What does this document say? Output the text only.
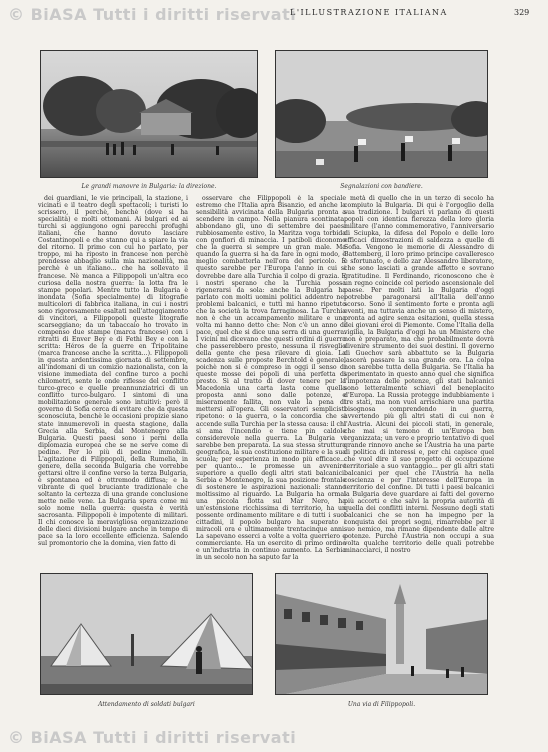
© BiASA Tutti i diritti riservati
© BiASA Tutti i diritti riservati
L'ILLUSTRAZIONE ITALIANA	329
Le grandi manovre in Bulgaria: la direzione.	Segnalazioni con bandiere.

dei guardiani, le vie principali, la stazione, i vicinati e il teatro degli spettacoli; i turisti lo scrissero, il perchè, benchè (dove si ha specialità) e molti ottomani. Ai bulgari ed ai turchi si aggiungono ogni parecchi profughi italiani, che hanno dovuto lasciare Costantinopoli e che stanno qui a spiare la via del ritorno. Il primo con cui ho parlato, per troppo, mi ha riposto in francese non perchè prendesse abbaglio sulla mia nazionalità, ma perchè è un italiano... che ha sollevato il francese. Nè manca a Filippopoli un'altra eco curiosa della nostra guerra: la lotta fra le stampe popolari. Mentre tutto la Bulgaria è inondata (Sofia specialmente) di litografie multicolori di fabbrica italiana, in cui i nostri sono rigorosamente esaltati nell'atteggiamento di vincitori, a Filippopoli queste litografie scarseggiano; da un tabaccaio ho trovato in compenso due stampe (marca francese) con i ritratti di Enver Bey e di Fethi Bey e con la scritta: Héros de la guerre en Tripolitaine (marca francese anche la scritta...). Filippopoli in questa ardentissima giornata di settembre, all'indomani di un comizio nazionalista, con la visione immediata del confine turco a pochi chilometri, sente le onde riflesse del conflitto turco-greco e quelle preannunziatrici di un conflitto turco-bulgaro. I sintomi di una mobilitazione generale sono intuitivi: però il governo di Sofia cerca di evitare che da questa sconosciuta, benchè le occasioni propizie siano state innumerevoli in questa stagione, dalla Grecia alla Serbia, dal Montenegro alla Bulgaria. Questi paesi sono i perni della diplomazia europea che se ne serve come di pedine. Per lo più di pedine immobili. L'agitazione di Filippopoli, della Rumelia, in genere, della seconda Bulgaria che vorrebbe gettarsi oltre il confine verso la terza Bulgaria, è spontanea ed è ottremodo diffusa; e la vibrante di quel bruciante tradizionale che soltanto la certezza di una grande conclusione mette nelle vene. La Bulgaria spera come mi solo nome nella guerra: questa è verità sacrosanta. Filippopoli è impotente di militari. Il chi conosce la meravigliosa organizzazione delle dieci divisioni bulgare anche in tempo di pace sa la loro eccellente efficienza. Salendo sul promontorio che la domina, vien fatto di

osservare che Filippopoli è la speciale estremo che l'Italia apra Bisanzio, ed anche la sensibilità avvicinata della Bulgaria pronta a scendere in campo. Nella pianura scontinata, abbondano gli, uno di settembre dei paesi rubbiosamente estivo, la Maritza voga torbida con gonfiori di minaccia. I patiboli diconomo che la guerra si sempre un gran male. Ma quando la guerra si ha da fare in ogni modo, è meglio combatterla nell'ora del pericolo. È questo sarebbe per l'Europa l'anno in cui si dovrebbe dare alla Turchia il colpo di grazia. E i nostri sperano che la Turchia possa rigenerarsi da sola: anche la Bulgaria ha parlato con molti uomini politici addentro nei problemi balcanici, e tutti mi hanno ripetuto che la società la trova farraginosa. La Turchia non è che un accampamento militare e una volta mi hanno detto che: Non c'è un anno di pace, quel che si dice una serra di una guerra. I vicini mi dicevano che questi ordini di guerra che passerebbero presto, nessuna il risveglio della gente che pesa rilevare di gioia. La scadenza sulle proposte Berchtold è generale, poichè non si è compreso in oggi il senso di queste mosse dei popoli di una perfetta di presto. Si al tratto di dover tenere per la Macedonia una carta lasta come quella proposta anni sono dalle potenze, e miseramente fallita, non vale la pena di mettersi all'opera. Gli osservatori semplicisti ripetono: o la guerra, o la concordia che si accende sulla Turchia per la stessa causa: il chi si ama l'incendio e tiene pin caldole considerevole nella guerra. La Bulgaria vi sarebbe ben preparata. La sua stessa struttura geografica, la sua costituzione militare e la sua scuola; per esperienza in modo più efficace... per quanto... le promesse un avvenire superiore a quello degli altri stati balcanici. Serbia e Montenegro, la sua posizione frontale di sostenere le aspirazioni nazionali: stanno moltissimo al riguardo. La Bulgaria ha ormai una piccola flotta sul Mar Nero, ha un'estensione ricchissima di territorio, ha un possente ordinamento militare e di tutti i suoi cittadini, il popolo bulgaro ha superato i miracoli ora e ultimamente trentacinque anni. La sapevano esserci a volte a volta guerriero e commerciante. Ha un esercito di primo ordine e un'industria in continuo aumento. La Serbia in un secolo non ha saputo far la

metà di quello che in un terzo di secolo ha compiuto la Bulgaria. Di qui è l'orgoglio della sua tradizione. I bulgari vi parlano di questi popoli con identica fierezza della loro gloria militare (l'anno commemorativo, l'anniversario di Sciupka, la difesa del Popolo e delle loro efficaci dimostrazioni di saldezza a quelle di Sofia. Vengono le memorie di Alessandro di Battemberg, il loro primo principe cavalleresco e sfortunato, e dello zar Alessandro liberatore, che sono lasciati a grande affetto e sovrano gratitudine. Il Ferdinando, riconoscono che è un regno coincide col periodo ascensionale del paese. Per molti lati la Bulgaria d'oggi potrebbe paragonarsi all'Italia dell'anno scorso. Sono il sentimento forte e pronta agli eventi, ma tuttavia anche un senso di mistero, pronta ad agire senza esitazioni, quella stessa dei giovani eroi di Piemonte. Come l'Italia della vigilia, la Bulgaria d'oggi ha un Ministero che non è preparato, ma che probabilmente dovrà divenire strumento dei suoi destini. Il governo di Guechov sarà abbattuto se la Bulgaria lascerà passare la sua grande ora. La colpa non sarebbe tutta della Bulgaria. Se l'Italia ha sperimentato in questo anno quel che significa l'impotenza delle potenze, gli stati balcanici sono letteralmente schiavi del beneplacito d'Europa. La Russia protegge indubbiamente i tre stati, ma non vuol arrischiare una partita bisognosa comprendendo in guerra, avvertendo più gli altri stati di cui non è l'Austria. Alcuni dei piccoli stati, in generale, che mai si temono di un'Europa ben organizzata; un vero e proprio tentativo di quel grande rinnovo anche se l'Austria ha una parte di politica di interessi e, per chi capisce quel che vuol dire il suo progetto di occupazione territoriale a suo vantaggio... per gli altri stati balcanici per quel che l'Austria ha nella coscienza e per l'interesse dell'Europa in territorio del confine. Di tutti i paesi balcanici la Bulgaria deve guardare ai fatti del governo più accorti e che salvi la propria autorità di quella dei conflitti interni. Nessuno degli stati balcanici che se non ha impegno per la conquista dei propri sogni, rimarrebbe per il suo nemico, ma rimane dipendente dalle altre potenze. Purchè l'Austria non occupi a sua volta qualche territorio delle quali potrebbe minacciarci, il nostro

Attendamento di soldati bulgari	Una via di Filippopoli.
